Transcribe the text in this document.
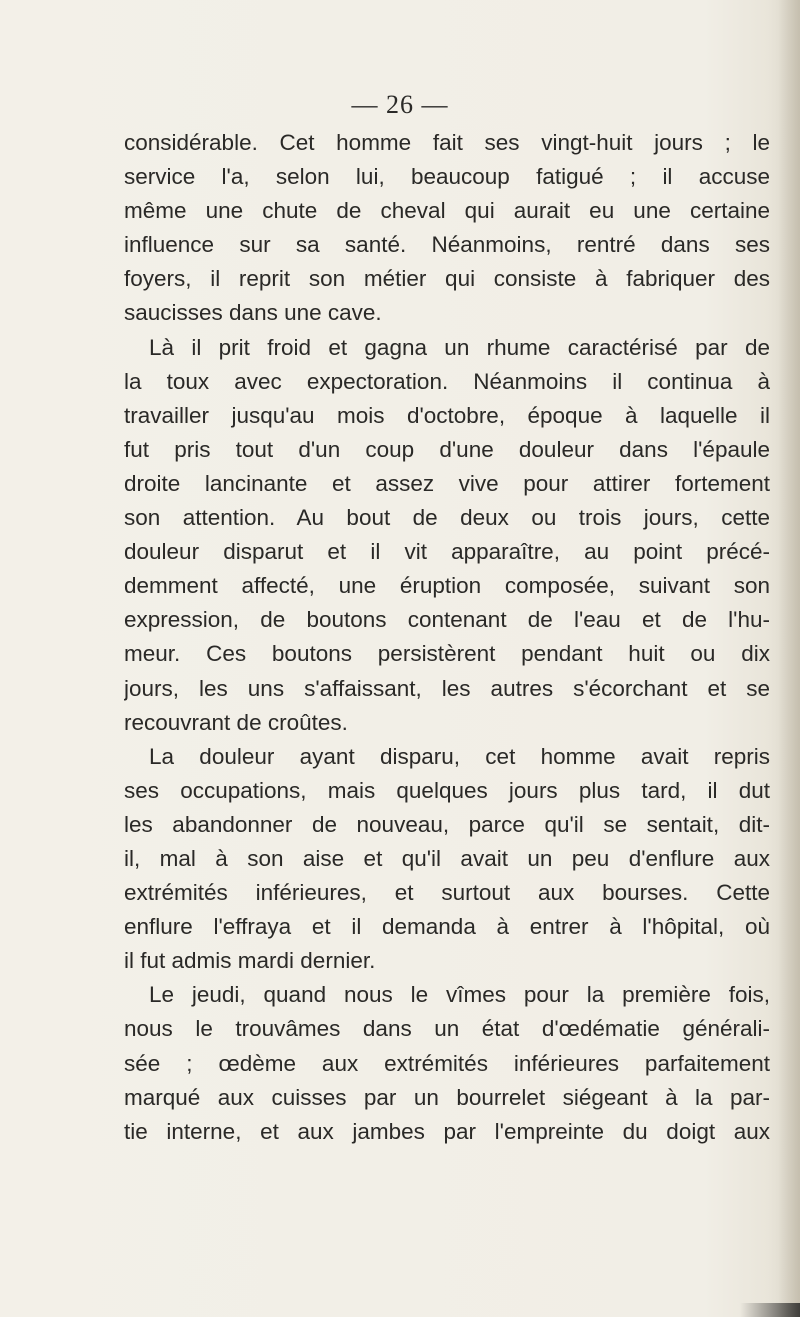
— 26 —
considérable. Cet homme fait ses vingt-huit jours ; le
service l'a, selon lui, beaucoup fatigué ; il accuse
même une chute de cheval qui aurait eu une certaine
influence sur sa santé. Néanmoins, rentré dans ses
foyers, il reprit son métier qui consiste à fabriquer des
saucisses dans une cave.
Là il prit froid et gagna un rhume caractérisé par de
la toux avec expectoration. Néanmoins il continua à
travailler jusqu'au mois d'octobre, époque à laquelle il
fut pris tout d'un coup d'une douleur dans l'épaule
droite lancinante et assez vive pour attirer fortement
son attention. Au bout de deux ou trois jours, cette
douleur disparut et il vit apparaître, au point précé-
demment affecté, une éruption composée, suivant son
expression, de boutons contenant de l'eau et de l'hu-
meur. Ces boutons persistèrent pendant huit ou dix
jours, les uns s'affaissant, les autres s'écorchant et se
recouvrant de croûtes.
La douleur ayant disparu, cet homme avait repris
ses occupations, mais quelques jours plus tard, il dut
les abandonner de nouveau, parce qu'il se sentait, dit-
il, mal à son aise et qu'il avait un peu d'enflure aux
extrémités inférieures, et surtout aux bourses. Cette
enflure l'effraya et il demanda à entrer à l'hôpital, où
il fut admis mardi dernier.
Le jeudi, quand nous le vîmes pour la première fois,
nous le trouvâmes dans un état d'œdématie générali-
sée ; œdème aux extrémités inférieures parfaitement
marqué aux cuisses par un bourrelet siégeant à la par-
tie interne, et aux jambes par l'empreinte du doigt aux
